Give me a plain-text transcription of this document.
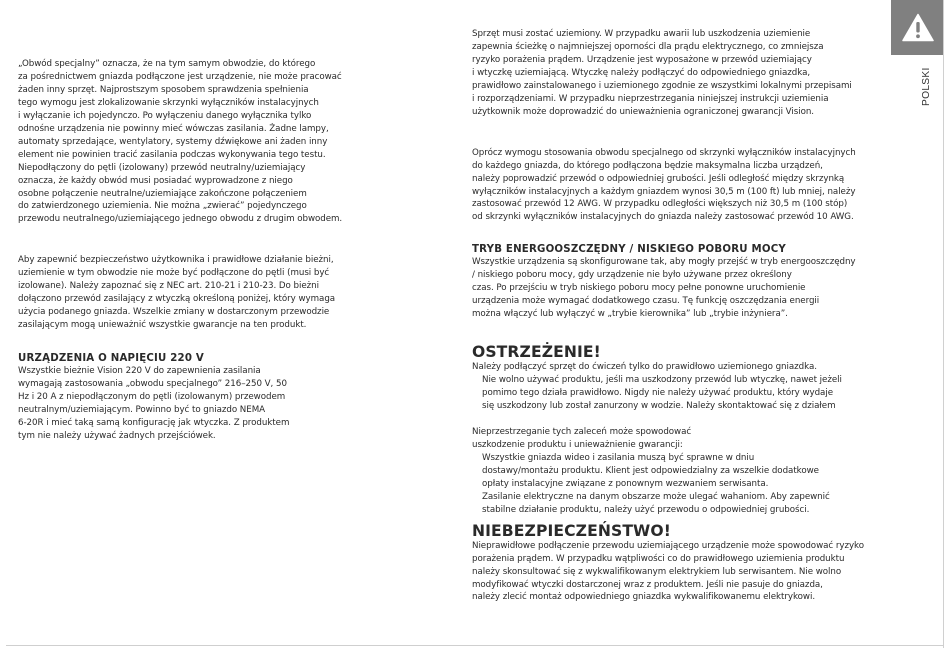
„Obwód specjalny” oznacza, że na tym samym obwodzie, do którego
za pośrednictwem gniazda podłączone jest urządzenie, nie może pracować
żaden inny sprzęt. Najprostszym sposobem sprawdzenia spełnienia
tego wymogu jest zlokalizowanie skrzynki wyłączników instalacyjnych
i wyłączanie ich pojedynczo. Po wyłączeniu danego wyłącznika tylko
odnośne urządzenia nie powinny mieć wówczas zasilania. Żadne lampy,
automaty sprzedające, wentylatory, systemy dźwiękowe ani żaden inny
element nie powinien tracić zasilania podczas wykonywania tego testu.
Niepodłączony do pętli (izolowany) przewód neutralny/uziemiający
oznacza, że każdy obwód musi posiadać wyprowadzone z niego
osobne połączenie neutralne/uziemiające zakończone połączeniem
do zatwierdzonego uziemienia. Nie można „zwierać” pojedynczego
przewodu neutralnego/uziemiającego jednego obwodu z drugim obwodem.
Aby zapewnić bezpieczeństwo użytkownika i prawidłowe działanie bieżni,
uziemienie w tym obwodzie nie może być podłączone do pętli (musi być
izolowane). Należy zapoznać się z NEC art. 210-21 i 210-23. Do bieżni
dołączono przewód zasilający z wtyczką określoną poniżej, który wymaga
użycia podanego gniazda. Wszelkie zmiany w dostarczonym przewodzie
zasilającym mogą unieważnić wszystkie gwarancje na ten produkt.
URZĄDZENIA O NAPIĘCIU 220 V
Wszystkie bieżnie Vision 220 V do zapewnienia zasilania
wymagają zastosowania „obwodu specjalnego” 216–250 V, 50
Hz i 20 A z niepodłączonym do pętli (izolowanym) przewodem
neutralnym/uziemiającym. Powinno być to gniazdo NEMA
6-20R i mieć taką samą konfigurację jak wtyczka. Z produktem
tym nie należy używać żadnych przejściówek.
Sprzęt musi zostać uziemiony. W przypadku awarii lub uszkodzenia uziemienie
zapewnia ścieżkę o najmniejszej oporności dla prądu elektrycznego, co zmniejsza
ryzyko porażenia prądem. Urządzenie jest wyposażone w przewód uziemiający
i wtyczkę uziemiającą. Wtyczkę należy podłączyć do odpowiedniego gniazdka,
prawidłowo zainstalowanego i uziemionego zgodnie ze wszystkimi lokalnymi przepisami
i rozporządzeniami. W przypadku nieprzestrzegania niniejszej instrukcji uziemienia
użytkownik może doprowadzić do unieważnienia ograniczonej gwarancji Vision.
Oprócz wymogu stosowania obwodu specjalnego od skrzynki wyłączników instalacyjnych
do każdego gniazda, do którego podłączona będzie maksymalna liczba urządzeń,
należy poprowadzić przewód o odpowiedniej grubości. Jeśli odległość między skrzynką
wyłączników instalacyjnych a każdym gniazdem wynosi 30,5 m (100 ft) lub mniej, należy
zastosować przewód 12 AWG. W przypadku odległości większych niż 30,5 m (100 stóp)
od skrzynki wyłączników instalacyjnych do gniazda należy zastosować przewód 10 AWG.
TRYB ENERGOOSZCZĘDNY / NISKIEGO POBORU MOCY
Wszystkie urządzenia są skonfigurowane tak, aby mogły przejść w tryb energooszczędny
/ niskiego poboru mocy, gdy urządzenie nie było używane przez określony
czas. Po przejściu w tryb niskiego poboru mocy pełne ponowne uruchomienie
urządzenia może wymagać dodatkowego czasu. Tę funkcję oszczędzania energii
można włączyć lub wyłączyć w „trybie kierownika” lub „trybie inżyniera”.
OSTRZEŻENIE!
Należy podłączyć sprzęt do ćwiczeń tylko do prawidłowo uziemionego gniazdka.
Nie wolno używać produktu, jeśli ma uszkodzony przewód lub wtyczkę, nawet jeżeli
pomimo tego działa prawidłowo. Nigdy nie należy używać produktu, który wydaje
się uszkodzony lub został zanurzony w wodzie. Należy skontaktować się z działem
Nieprzestrzeganie tych zaleceń może spowodować
uszkodzenie produktu i unieważnienie gwarancji:
Wszystkie gniazda wideo i zasilania muszą być sprawne w dniu
dostawy/montażu produktu. Klient jest odpowiedzialny za wszelkie dodatkowe
opłaty instalacyjne związane z ponownym wezwaniem serwisanta.
Zasilanie elektryczne na danym obszarze może ulegać wahaniom. Aby zapewnić
stabilne działanie produktu, należy użyć przewodu o odpowiedniej grubości.
NIEBEZPIECZEŃSTWO!
Nieprawidłowe podłączenie przewodu uziemiającego urządzenie może spowodować ryzyko
porażenia prądem. W przypadku wątpliwości co do prawidłowego uziemienia produktu
należy skonsultować się z wykwalifikowanym elektrykiem lub serwisantem. Nie wolno
modyfikować wtyczki dostarczonej wraz z produktem. Jeśli nie pasuje do gniazda,
należy zlecić montaż odpowiedniego gniazdka wykwalifikowanemu elektrykowi.
POLSKI
